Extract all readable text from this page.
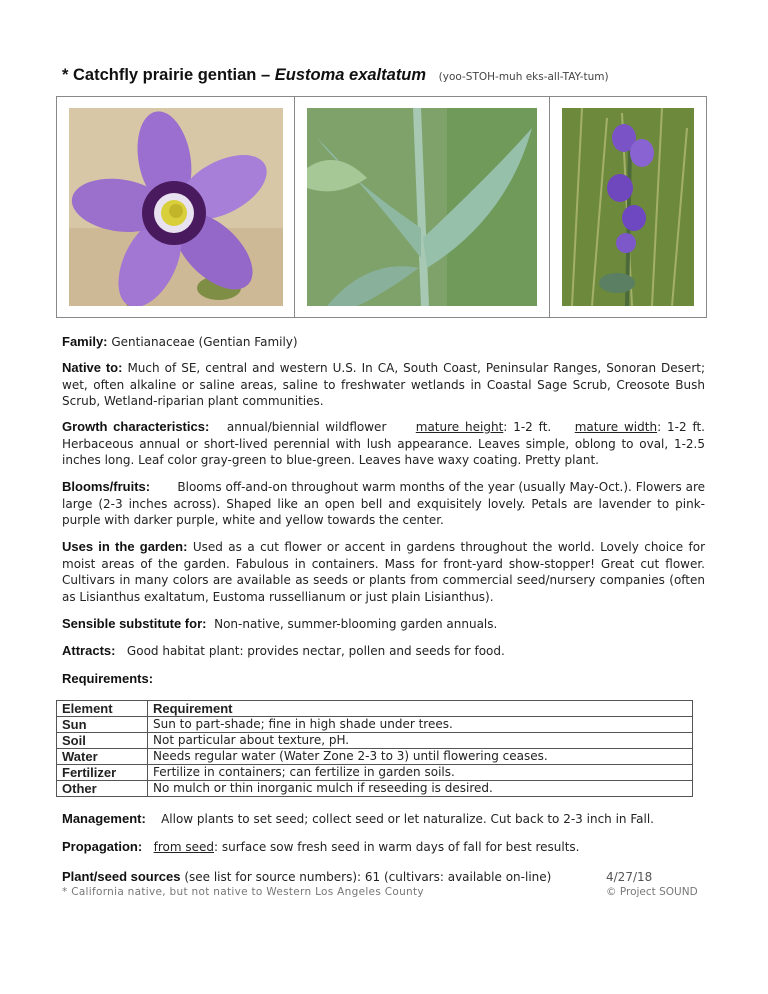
* Catchfly prairie gentian – Eustoma exaltatum (yoo-STOH-muh eks-all-TAY-tum)
Family: Gentianaceae (Gentian Family)
Native to: Much of SE, central and western U.S. In CA, South Coast, Peninsular Ranges, Sonoran Desert; wet, often alkaline or saline areas, saline to freshwater wetlands in Coastal Sage Scrub, Creosote Bush Scrub, Wetland-riparian plant communities.
Growth characteristics: annual/biennial wildflower mature height: 1-2 ft. mature width: 1-2 ft. Herbaceous annual or short-lived perennial with lush appearance. Leaves simple, oblong to oval, 1-2.5 inches long. Leaf color gray-green to blue-green. Leaves have waxy coating. Pretty plant.
Blooms/fruits: Blooms off-and-on throughout warm months of the year (usually May-Oct.). Flowers are large (2-3 inches across). Shaped like an open bell and exquisitely lovely. Petals are lavender to pink-purple with darker purple, white and yellow towards the center.
Uses in the garden: Used as a cut flower or accent in gardens throughout the world. Lovely choice for moist areas of the garden. Fabulous in containers. Mass for front-yard show-stopper! Great cut flower. Cultivars in many colors are available as seeds or plants from commercial seed/nursery companies (often as Lisianthus exaltatum, Eustoma russellianum or just plain Lisianthus).
Sensible substitute for: Non-native, summer-blooming garden annuals.
Attracts: Good habitat plant: provides nectar, pollen and seeds for food.
Requirements:
Element	Requirement
Sun	Sun to part-shade; fine in high shade under trees.
Soil	Not particular about texture, pH.
Water	Needs regular water (Water Zone 2-3 to 3) until flowering ceases.
Fertilizer	Fertilize in containers; can fertilize in garden soils.
Other	No mulch or thin inorganic mulch if reseeding is desired.
Management: Allow plants to set seed; collect seed or let naturalize. Cut back to 2-3 inch in Fall.
Propagation: from seed: surface sow fresh seed in warm days of fall for best results.
Plant/seed sources (see list for source numbers): 61 (cultivars: available on-line)	4/27/18
* California native, but not native to Western Los Angeles County	© Project SOUND
